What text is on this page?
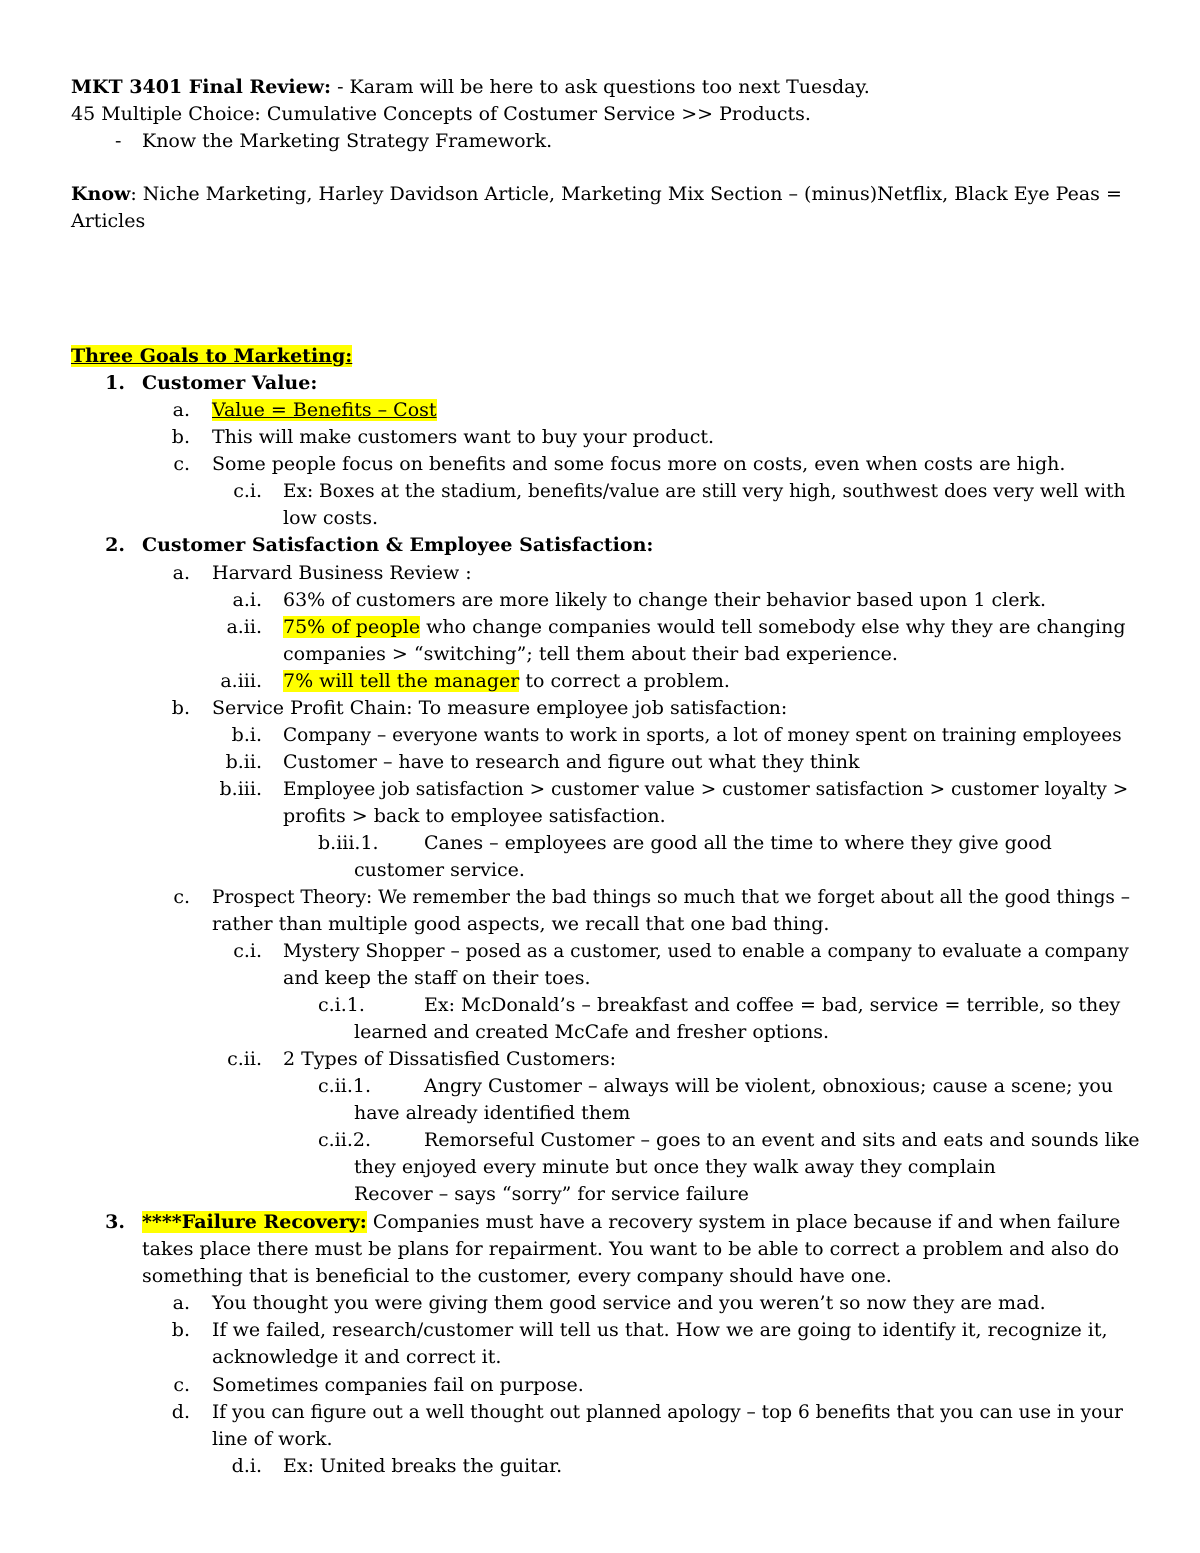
MKT 3401 Final Review: - Karam will be here to ask questions too next Tuesday.
45 Multiple Choice: Cumulative Concepts of Costumer Service >> Products.
- Know the Marketing Strategy Framework.
Know: Niche Marketing, Harley Davidson Article, Marketing Mix Section – (minus)Netflix, Black Eye Peas =
Articles
Three Goals to Marketing:
1. Customer Value:
a. Value = Benefits – Cost
b. This will make customers want to buy your product.
c. Some people focus on benefits and some focus more on costs, even when costs are high.
c.i. Ex: Boxes at the stadium, benefits/value are still very high, southwest does very well with
low costs.
2. Customer Satisfaction & Employee Satisfaction:
a. Harvard Business Review :
a.i. 63% of customers are more likely to change their behavior based upon 1 clerk.
a.ii. 75% of people who change companies would tell somebody else why they are changing
companies > “switching”; tell them about their bad experience.
a.iii. 7% will tell the manager to correct a problem.
b. Service Profit Chain: To measure employee job satisfaction:
b.i. Company – everyone wants to work in sports, a lot of money spent on training employees
b.ii. Customer – have to research and figure out what they think
b.iii. Employee job satisfaction > customer value > customer satisfaction > customer loyalty >
profits > back to employee satisfaction.
b.iii.1. Canes – employees are good all the time to where they give good
customer service.
c. Prospect Theory: We remember the bad things so much that we forget about all the good things –
rather than multiple good aspects, we recall that one bad thing.
c.i. Mystery Shopper – posed as a customer, used to enable a company to evaluate a company
and keep the staff on their toes.
c.i.1.	Ex: McDonald’s – breakfast and coffee = bad, service = terrible, so they
learned and created McCafe and fresher options.
c.ii. 2 Types of Dissatisfied Customers:
c.ii.1.	Angry Customer – always will be violent, obnoxious; cause a scene; you
have already identified them
c.ii.2.	Remorseful Customer – goes to an event and sits and eats and sounds like
they enjoyed every minute but once they walk away they complain
Recover – says “sorry” for service failure
3. ****Failure Recovery: Companies must have a recovery system in place because if and when failure
takes place there must be plans for repairment. You want to be able to correct a problem and also do
something that is beneficial to the customer, every company should have one.
a. You thought you were giving them good service and you weren’t so now they are mad.
b. If we failed, research/customer will tell us that. How we are going to identify it, recognize it,
acknowledge it and correct it.
c. Sometimes companies fail on purpose.
d. If you can figure out a well thought out planned apology – top 6 benefits that you can use in your
line of work.
d.i. Ex: United breaks the guitar.
